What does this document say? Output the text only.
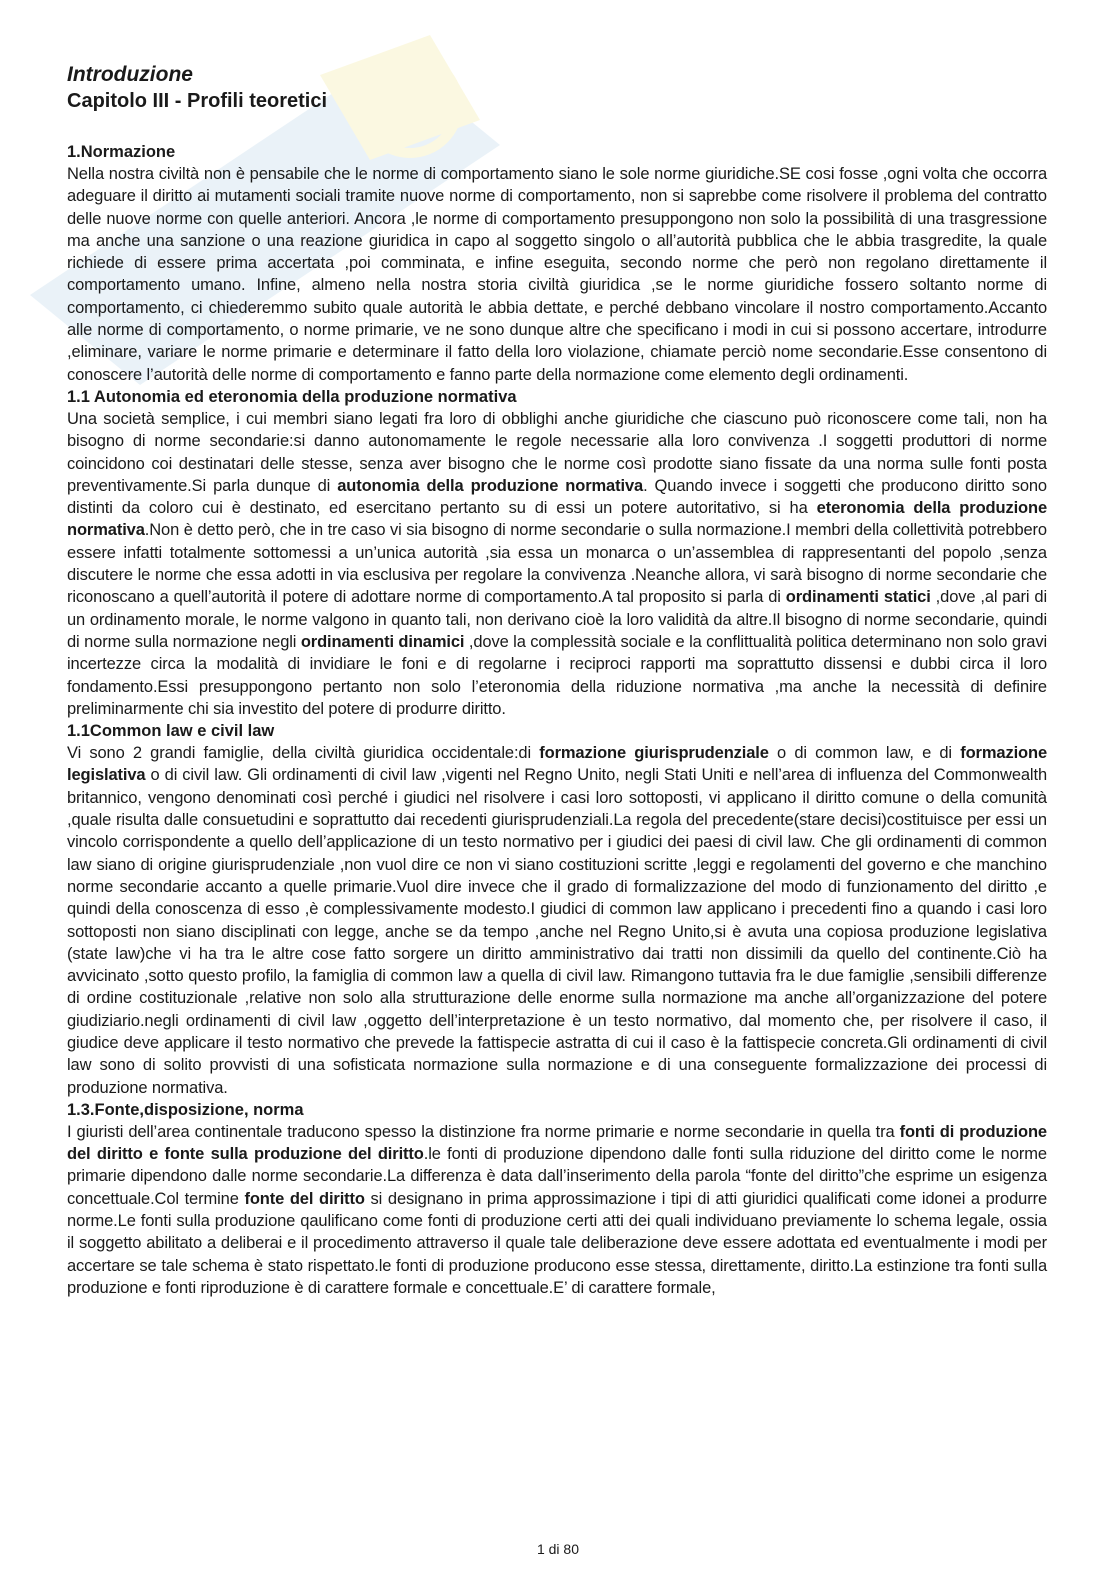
Introduzione
Capitolo III - Profili teoretici
1.Normazione

Nella nostra civiltà non è pensabile che le norme di comportamento siano le sole norme giuridiche.SE cosi fosse ,ogni volta che occorra adeguare il diritto ai mutamenti sociali tramite nuove norme di comportamento, non si saprebbe come risolvere il problema del contratto delle nuove norme con quelle anteriori. Ancora ,le norme di comportamento presuppongono non solo la possibilità di una trasgressione ma anche una sanzione o una reazione giuridica in capo al soggetto singolo o all’autorità pubblica che le abbia trasgredite, la quale richiede di essere prima accertata ,poi comminata, e infine eseguita, secondo norme che però non regolano direttamente il comportamento umano. Infine, almeno nella nostra storia civiltà giuridica ,se le norme giuridiche fossero soltanto norme di comportamento, ci chiederemmo subito quale autorità le abbia dettate, e perché debbano vincolare il nostro comportamento.Accanto alle norme di comportamento, o norme primarie, ve ne sono dunque altre che specificano i modi in cui si possono accertare, introdurre ,eliminare, variare le norme primarie e determinare il fatto della loro violazione, chiamate perciò nome secondarie.Esse consentono di conoscere l’autorità delle norme di comportamento e fanno parte della normazione come elemento degli ordinamenti.

1.1 Autonomia ed eteronomia della produzione normativa

Una società semplice, i cui membri siano legati fra loro di obblighi anche giuridiche che ciascuno può riconoscere come tali, non ha bisogno di norme secondarie:si danno autonomamente le regole necessarie alla loro convivenza .I soggetti produttori di norme coincidono coi destinatari delle stesse, senza aver bisogno che le norme così prodotte siano fissate da una norma sulle fonti posta preventivamente.Si parla dunque di autonomia della produzione normativa. Quando invece i soggetti che producono diritto sono distinti da coloro cui è destinato, ed esercitano pertanto su di essi un potere autoritativo, si ha eteronomia della produzione normativa.Non è detto però, che in tre caso vi sia bisogno di norme secondarie o sulla normazione.I membri della collettività potrebbero essere infatti totalmente sottomessi a un’unica autorità ,sia essa un monarca o un’assemblea di rappresentanti del popolo ,senza discutere le norme che essa adotti in via esclusiva per regolare la convivenza .Neanche allora, vi sarà bisogno di norme secondarie che riconoscano a quell’autorità il potere di adottare norme di comportamento.A tal proposito si parla di ordinamenti statici ,dove ,al pari di un ordinamento morale, le norme valgono in quanto tali, non derivano cioè la loro validità da altre.Il bisogno di norme secondarie, quindi di norme sulla normazione negli ordinamenti dinamici ,dove la complessità sociale e la conflittualità politica determinano non solo gravi incertezze circa la modalità di invidiare le foni e di regolarne i reciproci rapporti ma soprattutto dissensi e dubbi circa il loro fondamento.Essi presuppongono pertanto non solo l’eteronomia della riduzione normativa ,ma anche la necessità di definire preliminarmente chi sia investito del potere di produrre diritto.

1.1Common law e civil law

Vi sono 2 grandi famiglie, della civiltà giuridica occidentale:di formazione giurisprudenziale o di common law, e di formazione legislativa o di civil law. Gli ordinamenti di civil law ,vigenti nel Regno Unito, negli Stati Uniti e nell’area di influenza del Commonwealth britannico, vengono denominati così perché i giudici nel risolvere i casi loro sottoposti, vi applicano il diritto comune o della comunità ,quale risulta dalle consuetudini e soprattutto dai recedenti giurisprudenziali.La regola del precedente(stare decisi)costituisce per essi un vincolo corrispondente a quello dell’applicazione di un testo normativo per i giudici dei paesi di civil law. Che gli ordinamenti di common law siano di origine giurisprudenziale ,non vuol dire ce non vi siano costituzioni scritte ,leggi e regolamenti del governo e che manchino norme secondarie accanto a quelle primarie.Vuol dire invece che il grado di formalizzazione del modo di funzionamento del diritto ,e quindi della conoscenza di esso ,è complessivamente modesto.I giudici di common law applicano i precedenti fino a quando i casi loro sottoposti non siano disciplinati con legge, anche se da tempo ,anche nel Regno Unito,si è avuta una copiosa produzione legislativa (state law)che vi ha tra le altre cose fatto sorgere un diritto amministrativo dai tratti non dissimili da quello del continente.Ciò ha avvicinato ,sotto questo profilo, la famiglia di common law a quella di civil law. Rimangono tuttavia fra le due famiglie ,sensibili differenze di ordine costituzionale ,relative non solo alla strutturazione delle enorme sulla normazione ma anche all’organizzazione del potere giudiziario.negli ordinamenti di civil law ,oggetto dell’interpretazione è un testo normativo, dal momento che, per risolvere il caso, il giudice deve applicare il testo normativo che prevede la fattispecie astratta di cui il caso è la fattispecie concreta.Gli ordinamenti di civil law sono di solito provvisti di una sofisticata normazione sulla normazione e di una conseguente formalizzazione dei processi di produzione normativa.

1.3.Fonte,disposizione, norma

I giuristi dell’area continentale traducono spesso la distinzione fra norme primarie e norme secondarie in quella tra fonti di produzione del diritto e fonte sulla produzione del diritto.le fonti di produzione dipendono dalle fonti sulla riduzione del diritto come le norme primarie dipendono dalle norme secondarie.La differenza è data dall’inserimento della parola “fonte del diritto”che esprime un esigenza concettuale.Col termine fonte del diritto si designano in prima approssimazione i tipi di atti giuridici qualificati come idonei a produrre norme.Le fonti sulla produzione qaulificano come fonti di produzione certi atti dei quali individuano previamente lo schema legale, ossia il soggetto abilitato a deliberai e il procedimento attraverso il quale tale deliberazione deve essere adottata ed eventualmente i modi per accertare se tale schema è stato rispettato.le fonti di produzione producono esse stessa, direttamente, diritto.La estinzione tra fonti sulla produzione e fonti riproduzione è di carattere formale e concettuale.E’ di carattere formale,

1 di 80
